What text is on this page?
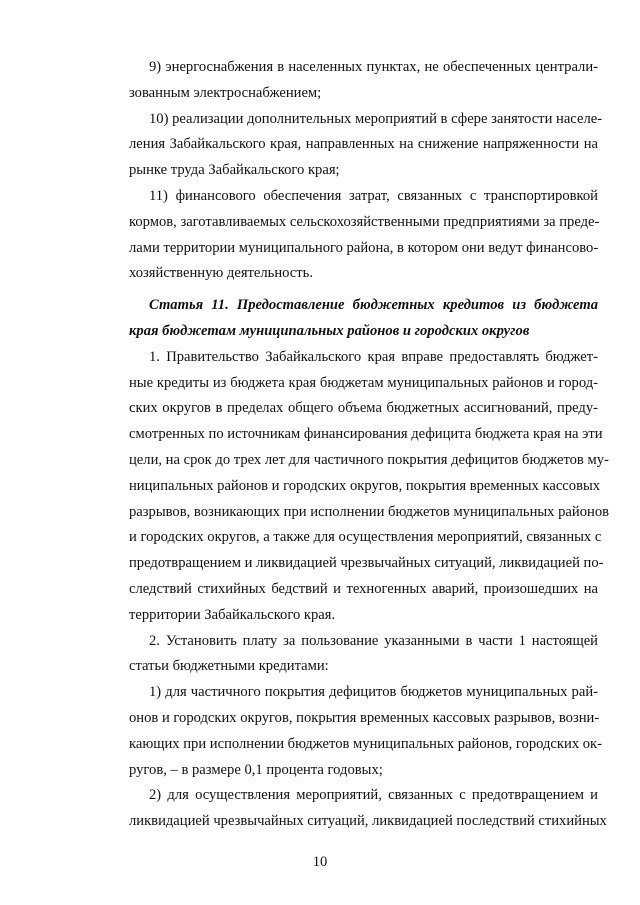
9) энергоснабжения в населенных пунктах, не обеспеченных централи-
зованным электроснабжением;
10) реализации дополнительных мероприятий в сфере занятости населе-
ления Забайкальского края, направленных на снижение напряженности на
рынке труда Забайкальского края;
11) финансового обеспечения затрат, связанных с транспортировкой
кормов, заготавливаемых сельскохозяйственными предприятиями за преде-
лами территории муниципального района, в котором они ведут финансово-
хозяйственную деятельность.
Статья 11. Предоставление бюджетных кредитов из бюджета
края бюджетам муниципальных районов и городских округов
1. Правительство Забайкальского края вправе предоставлять бюджет-
ные кредиты из бюджета края бюджетам муниципальных районов и город-
ских округов в пределах общего объема бюджетных ассигнований, преду-
смотренных по источникам финансирования дефицита бюджета края на эти
цели, на срок до трех лет для частичного покрытия дефицитов бюджетов му-
ниципальных районов и городских округов, покрытия временных кассовых
разрывов, возникающих при исполнении бюджетов муниципальных районов
и городских округов, а также для осуществления мероприятий, связанных с
предотвращением и ликвидацией чрезвычайных ситуаций, ликвидацией по-
следствий стихийных бедствий и техногенных аварий, произошедших на
территории Забайкальского края.
2. Установить плату за пользование указанными в части 1 настоящей
статьи бюджетными кредитами:
1) для частичного покрытия дефицитов бюджетов муниципальных рай-
онов и городских округов, покрытия временных кассовых разрывов, возни-
кающих при исполнении бюджетов муниципальных районов, городских ок-
ругов, – в размере 0,1 процента годовых;
2) для осуществления мероприятий, связанных с предотвращением и
ликвидацией чрезвычайных ситуаций, ликвидацией последствий стихийных
10
